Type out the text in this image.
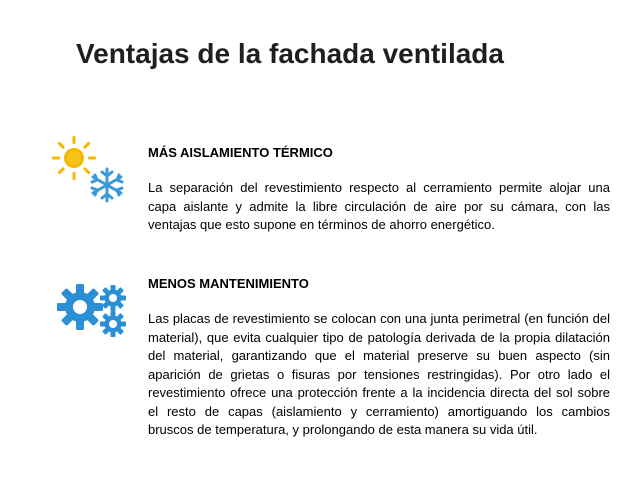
Ventajas de la fachada ventilada

MÁS AISLAMIENTO TÉRMICO

La separación del revestimiento respecto al cerramiento permite alojar una capa aislante y admite la libre circulación de aire por su cámara, con las ventajas que esto supone en términos de ahorro energético.

MENOS MANTENIMIENTO

Las placas de revestimiento se colocan con una junta perimetral (en función del material), que evita cualquier tipo de patología derivada de la propia dilatación del material, garantizando que el material preserve su buen aspecto (sin aparición de grietas o fisuras por tensiones restringidas). Por otro lado el revestimiento ofrece una protección frente a la incidencia directa del sol sobre el resto de capas (aislamiento y cerramiento) amortiguando los cambios bruscos de temperatura, y prolongando de esta manera su vida útil.
